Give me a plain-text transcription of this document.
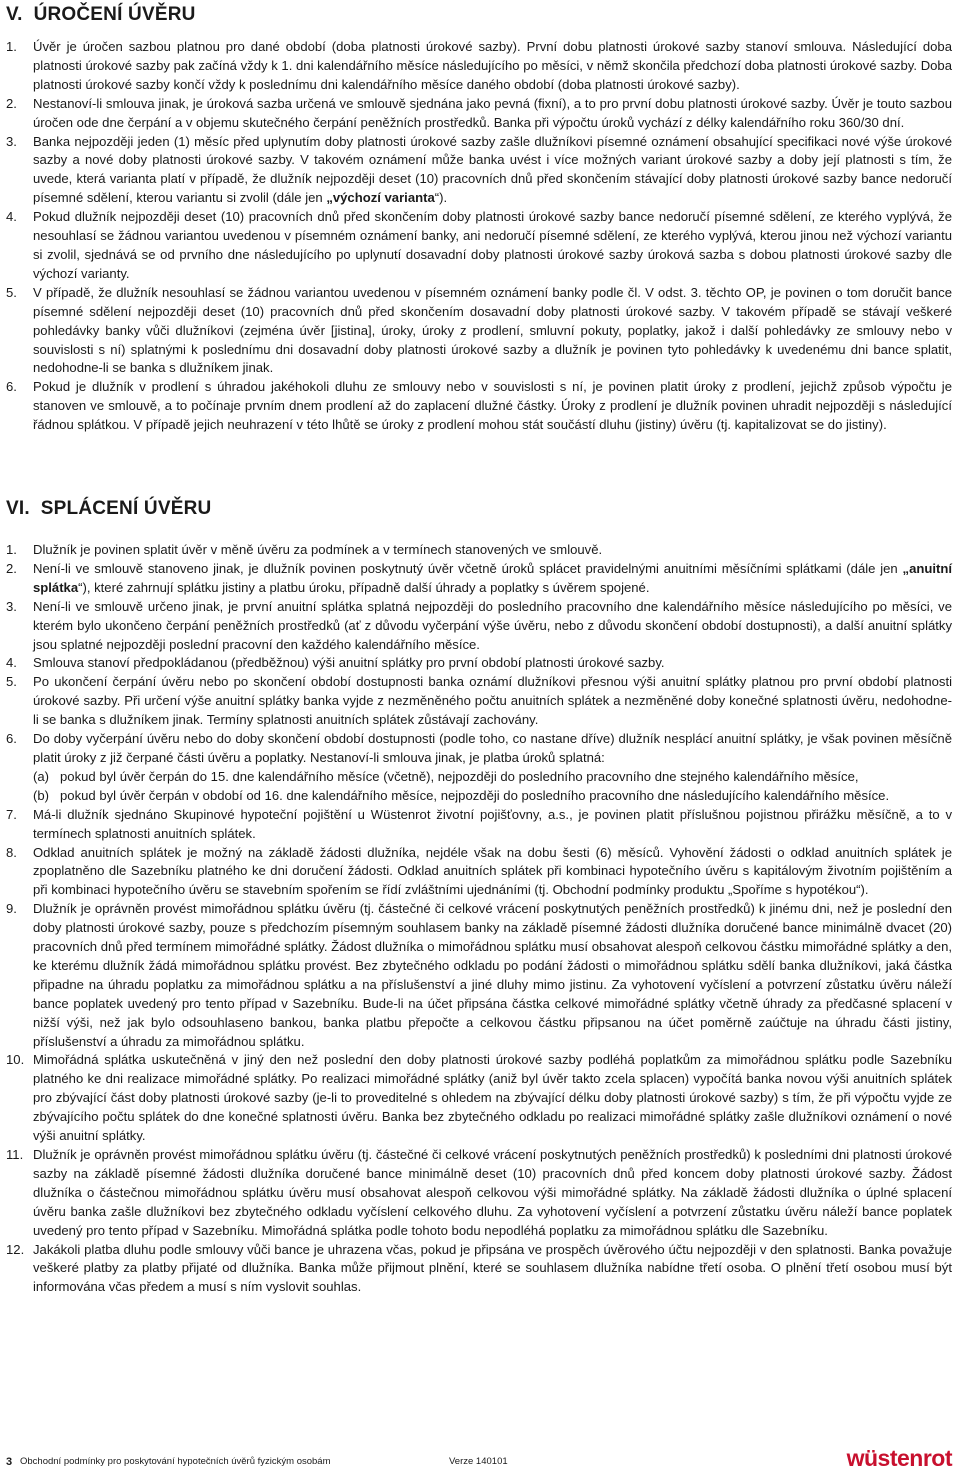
V.  ÚROČENÍ ÚVĚRU
1. Úvěr je úročen sazbou platnou pro dané období (doba platnosti úrokové sazby). První dobu platnosti úrokové sazby stanoví smlouva. Následující doba platnosti úrokové sazby pak začíná vždy k 1. dni kalendářního měsíce následujícího po měsíci, v němž skončila předchozí doba platnosti úrokové sazby. Doba platnosti úrokové sazby končí vždy k poslednímu dni kalendářního měsíce daného období (doba platnosti úrokové sazby).
2. Nestanoví-li smlouva jinak, je úroková sazba určená ve smlouvě sjednána jako pevná (fixní), a to pro první dobu platnosti úrokové sazby. Úvěr je touto sazbou úročen ode dne čerpání a v objemu skutečného čerpání peněžních prostředků. Banka při výpočtu úroků vychází z délky kalendářního roku 360/30 dní.
3. Banka nejpozději jeden (1) měsíc před uplynutím doby platnosti úrokové sazby zašle dlužníkovi písemné oznámení obsahující specifikaci nové výše úrokové sazby a nové doby platnosti úrokové sazby. V takovém oznámení může banka uvést i více možných variant úrokové sazby a doby její platnosti s tím, že uvede, která varianta platí v případě, že dlužník nejpozději deset (10) pracovních dnů před skončením stávající doby platnosti úrokové sazby bance nedoručí písemné sdělení, kterou variantu si zvolil (dále jen „výchozí varianta“).
4. Pokud dlužník nejpozději deset (10) pracovních dnů před skončením doby platnosti úrokové sazby bance nedoručí písemné sdělení, ze kterého vyplývá, že nesouhlasí se žádnou variantou uvedenou v písemném oznámení banky, ani nedoručí písemné sdělení, ze kterého vyplývá, kterou jinou než výchozí variantu si zvolil, sjednává se od prvního dne následujícího po uplynutí dosavadní doby platnosti úrokové sazby úroková sazba s dobou platnosti úrokové sazby dle výchozí varianty.
5. V případě, že dlužník nesouhlasí se žádnou variantou uvedenou v písemném oznámení banky podle čl. V odst. 3. těchto OP, je povinen o tom doručit bance písemné sdělení nejpozději deset (10) pracovních dnů před skončením dosavadní doby platnosti úrokové sazby. V takovém případě se stávají veškeré pohledávky banky vůči dlužníkovi (zejména úvěr [jistina], úroky, úroky z prodlení, smluvní pokuty, poplatky, jakož i další pohledávky ze smlouvy nebo v souvislosti s ní) splatnými k poslednímu dni dosavadní doby platnosti úrokové sazby a dlužník je povinen tyto pohledávky k uvedenému dni bance splatit, nedohodne-li se banka s dlužníkem jinak.
6. Pokud je dlužník v prodlení s úhradou jakéhokoli dluhu ze smlouvy nebo v souvislosti s ní, je povinen platit úroky z prodlení, jejichž způsob výpočtu je stanoven ve smlouvě, a to počínaje prvním dnem prodlení až do zaplacení dlužné částky. Úroky z prodlení je dlužník povinen uhradit nejpozději s následující řádnou splátkou. V případě jejich neuhrazení v této lhůtě se úroky z prodlení mohou stát součástí dluhu (jistiny) úvěru (tj. kapitalizovat se do jistiny).
VI.  SPLÁCENÍ ÚVĚRU
1. Dlužník je povinen splatit úvěr v měně úvěru za podmínek a v termínech stanovených ve smlouvě.
2. Není-li ve smlouvě stanoveno jinak, je dlužník povinen poskytnutý úvěr včetně úroků splácet pravidelnými anuitními měsíčními splátkami (dále jen „anuitní splátka“), které zahrnují splátku jistiny a platbu úroku, případně další úhrady a poplatky s úvěrem spojené.
3. Není-li ve smlouvě určeno jinak, je první anuitní splátka splatná nejpozději do posledního pracovního dne kalendářního měsíce následujícího po měsíci, ve kterém bylo ukončeno čerpání peněžních prostředků (ať z důvodu vyčerpání výše úvěru, nebo z důvodu skončení období dostupnosti), a další anuitní splátky jsou splatné nejpozději poslední pracovní den každého kalendářního měsíce.
4. Smlouva stanoví předpokládanou (předběžnou) výši anuitní splátky pro první období platnosti úrokové sazby.
5. Po ukončení čerpání úvěru nebo po skončení období dostupnosti banka oznámí dlužníkovi přesnou výši anuitní splátky platnou pro první období platnosti úrokové sazby. Při určení výše anuitní splátky banka vyjde z nezměněného počtu anuitních splátek a nezměněné doby konečné splatnosti úvěru, nedohodne-li se banka s dlužníkem jinak. Termíny splatnosti anuitních splátek zůstávají zachovány.
6. Do doby vyčerpání úvěru nebo do doby skončení období dostupnosti (podle toho, co nastane dříve) dlužník nesplácí anuitní splátky, je však povinen měsíčně platit úroky z již čerpané části úvěru a poplatky. Nestanoví-li smlouva jinak, je platba úroků splatná:
(a) pokud byl úvěr čerpán do 15. dne kalendářního měsíce (včetně), nejpozději do posledního pracovního dne stejného kalendářního měsíce,
(b) pokud byl úvěr čerpán v období od 16. dne kalendářního měsíce, nejpozději do posledního pracovního dne následujícího kalendářního měsíce.
7. Má-li dlužník sjednáno Skupinové hypoteční pojištění u Wüstenrot životní pojišťovny, a.s., je povinen platit příslušnou pojistnou přirážku měsíčně, a to v termínech splatnosti anuitních splátek.
8. Odklad anuitních splátek je možný na základě žádosti dlužníka, nejdéle však na dobu šesti (6) měsíců. Vyhovění žádosti o odklad anuitních splátek je zpoplatněno dle Sazebníku platného ke dni doručení žádosti. Odklad anuitních splátek při kombinaci hypotečního úvěru s kapitálovým životním pojištěním a při kombinaci hypotečního úvěru se stavebním spořením se řídí zvláštními ujednáními (tj. Obchodní podmínky produktu „Spoříme s hypotékou“).
9. Dlužník je oprávněn provést mimořádnou splátku úvěru (tj. částečné či celkové vrácení poskytnutých peněžních prostředků) k jinému dni, než je poslední den doby platnosti úrokové sazby, pouze s předchozím písemným souhlasem banky na základě písemné žádosti dlužníka doručené bance minimálně dvacet (20) pracovních dnů před termínem mimořádné splátky. Žádost dlužníka o mimořádnou splátku musí obsahovat alespoň celkovou částku mimořádné splátky a den, ke kterému dlužník žádá mimořádnou splátku provést. Bez zbytečného odkladu po podání žádosti o mimořádnou splátku sdělí banka dlužníkovi, jaká částka připadne na úhradu poplatku za mimořádnou splátku a na příslušenství a jiné dluhy mimo jistinu. Za vyhotovení vyčíslení a potvrzení zůstatku úvěru náleží bance poplatek uvedený pro tento případ v Sazebníku. Bude-li na účet připsána částka celkové mimořádné splátky včetně úhrady za předčasné splacení v nižší výši, než jak bylo odsouhlaseno bankou, banka platbu přepočte a celkovou částku připsanou na účet poměrně zaúčtuje na úhradu části jistiny, příslušenství a úhradu za mimořádnou splátku.
10. Mimořádná splátka uskutečněná v jiný den než poslední den doby platnosti úrokové sazby podléhá poplatkům za mimořádnou splátku podle Sazebníku platného ke dni realizace mimořádné splátky. Po realizaci mimořádné splátky (aniž byl úvěr takto zcela splacen) vypočítá banka novou výši anuitních splátek pro zbývající část doby platnosti úrokové sazby (je-li to proveditelné s ohledem na zbývající délku doby platnosti úrokové sazby) s tím, že při výpočtu vyjde ze zbývajícího počtu splátek do dne konečné splatnosti úvěru. Banka bez zbytečného odkladu po realizaci mimořádné splátky zašle dlužníkovi oznámení o nové výši anuitní splátky.
11. Dlužník je oprávněn provést mimořádnou splátku úvěru (tj. částečné či celkové vrácení poskytnutých peněžních prostředků) k posledními dni platnosti úrokové sazby na základě písemné žádosti dlužníka doručené bance minimálně deset (10) pracovních dnů před koncem doby platnosti úrokové sazby. Žádost dlužníka o částečnou mimořádnou splátku úvěru musí obsahovat alespoň celkovou výši mimořádné splátky. Na základě žádosti dlužníka o úplné splacení úvěru banka zašle dlužníkovi bez zbytečného odkladu vyčíslení celkového dluhu. Za vyhotovení vyčíslení a potvrzení zůstatku úvěru náleží bance poplatek uvedený pro tento případ v Sazebníku. Mimořádná splátka podle tohoto bodu nepodléhá poplatku za mimořádnou splátku dle Sazebníku.
12. Jakákoli platba dluhu podle smlouvy vůči bance je uhrazena včas, pokud je připsána ve prospěch úvěrového účtu nejpozději v den splatnosti. Banka považuje veškeré platby za platby přijaté od dlužníka. Banka může přijmout plnění, které se souhlasem dlužníka nabídne třetí osoba. O plnění třetí osobou musí být informována včas předem a musí s ním vyslovit souhlas.
3 Obchodní podmínky pro poskytování hypotečních úvěrů fyzickým osobám	Verze 140101	wüstenrot
